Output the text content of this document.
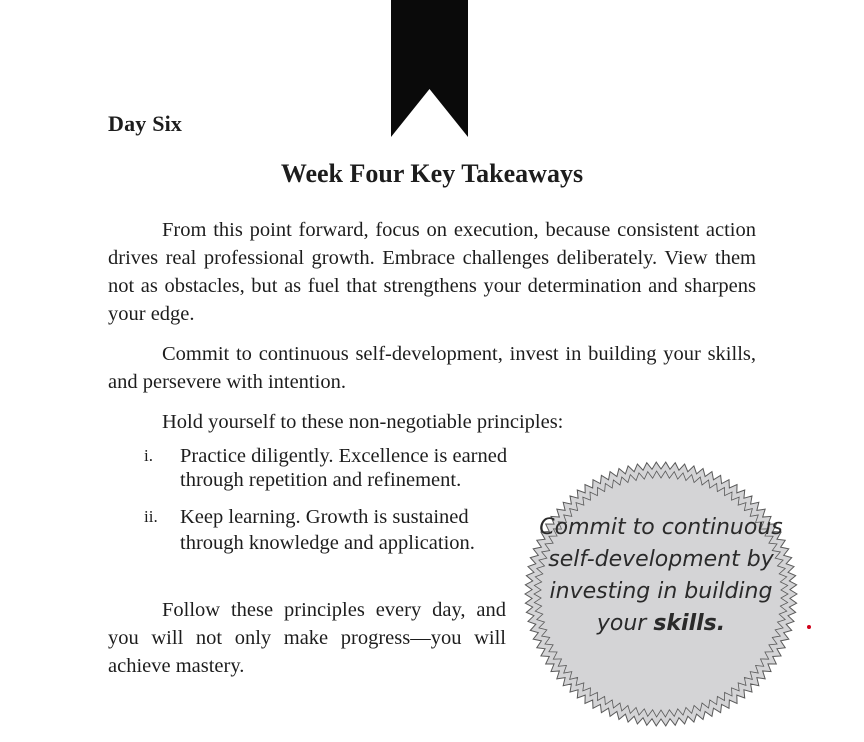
Day Six
Week Four Key Takeaways

From this point forward, focus on execution, because consistent action drives real professional growth. Embrace challenges deliberately. View them not as obstacles, but as fuel that strengthens your determination and sharpens your edge.

Commit to continuous self-development, invest in building your skills, and persevere with intention.

Hold yourself to these non-negotiable principles:

i. Practice diligently. Excellence is earned through repetition and refinement.
ii. Keep learning. Growth is sustained through knowledge and application.

Follow these principles every day, and you will not only make progress—you will achieve mastery.

Commit to continuous self-development by investing in building your skills.
